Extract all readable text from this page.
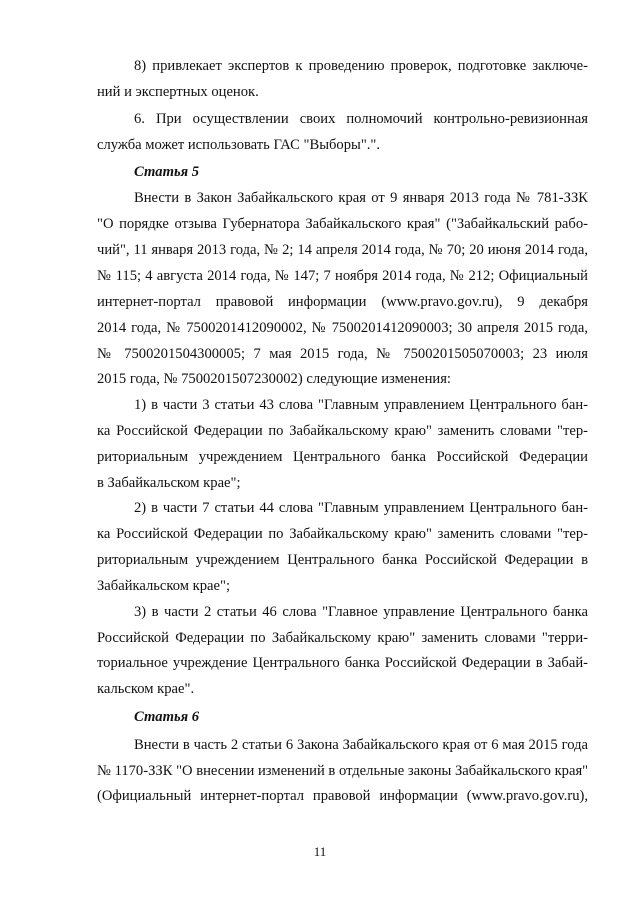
8) привлекает экспертов к проведению проверок, подготовке заключе-
ний и экспертных оценок.
6. При осуществлении своих полномочий контрольно-ревизионная
служба может использовать ГАС "Выборы".".
Статья 5
Внести в Закон Забайкальского края от 9 января 2013 года № 781-ЗЗК
"О порядке отзыва Губернатора Забайкальского края" ("Забайкальский рабо-
чий", 11 января 2013 года, № 2; 14 апреля 2014 года, № 70; 20 июня 2014 года,
№ 115; 4 августа 2014 года, № 147; 7 ноября 2014 года, № 212; Официальный
интернет-портал правовой информации (www.pravo.gov.ru), 9 декабря
2014 года, № 7500201412090002, № 7500201412090003; 30 апреля 2015 года,
№ 7500201504300005; 7 мая 2015 года, № 7500201505070003; 23 июля
2015 года, № 7500201507230002) следующие изменения:
1) в части 3 статьи 43 слова "Главным управлением Центрального бан-
ка Российской Федерации по Забайкальскому краю" заменить словами "тер-
риториальным учреждением Центрального банка Российской Федерации
в Забайкальском крае";
2) в части 7 статьи 44 слова "Главным управлением Центрального бан-
ка Российской Федерации по Забайкальскому краю" заменить словами "тер-
риториальным учреждением Центрального банка Российской Федерации в
Забайкальском крае";
3) в части 2 статьи 46 слова "Главное управление Центрального банка
Российской Федерации по Забайкальскому краю" заменить словами "терри-
ториальное учреждение Центрального банка Российской Федерации в Забай-
кальском крае".
Статья 6
Внести в часть 2 статьи 6 Закона Забайкальского края от 6 мая 2015 года
№ 1170-ЗЗК "О внесении изменений в отдельные законы Забайкальского края"
(Официальный интернет-портал правовой информации (www.pravo.gov.ru),
11
